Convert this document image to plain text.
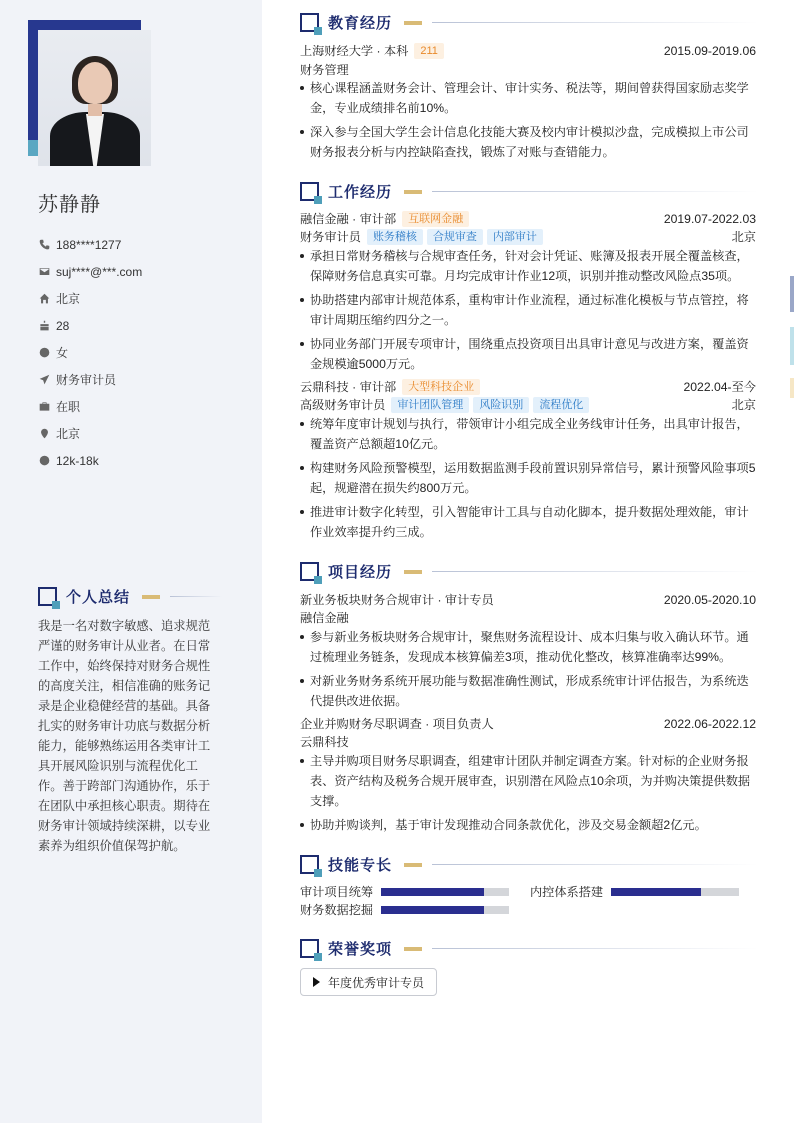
苏静静
188****1277
suj****@***.com
北京
28
女
财务审计员
在职
北京
12k-18k
个人总结
我是一名对数字敏感、追求规范严谨的财务审计从业者。在日常工作中，始终保持对财务合规性的高度关注，相信准确的账务记录是企业稳健经营的基础。具备扎实的财务审计功底与数据分析能力，能够熟练运用各类审计工具开展风险识别与流程优化工作。善于跨部门沟通协作，乐于在团队中承担核心职责。期待在财务审计领域持续深耕，以专业素养为组织价值保驾护航。
教育经历
上海财经大学 · 本科	211	2015.09-2019.06
财务管理
核心课程涵盖财务会计、管理会计、审计实务、税法等，期间曾获得国家励志奖学金，专业成绩排名前10%。
深入参与全国大学生会计信息化技能大赛及校内审计模拟沙盘，完成模拟上市公司财务报表分析与内控缺陷查找，锻炼了对账与查错能力。
工作经历
融信金融 · 审计部	互联网金融	2019.07-2022.03
财务审计员	账务稽核	合规审查	内部审计	北京
承担日常财务稽核与合规审查任务，针对会计凭证、账簿及报表开展全覆盖核查，保障财务信息真实可靠。月均完成审计作业12项，识别并推动整改风险点35项。
协助搭建内部审计规范体系，重构审计作业流程，通过标准化模板与节点管控，将审计周期压缩约四分之一。
协同业务部门开展专项审计，围绕重点投资项目出具审计意见与改进方案，覆盖资金规模逾5000万元。
云鼎科技 · 审计部	大型科技企业	2022.04-至今
高级财务审计员	审计团队管理	风险识别	流程优化	北京
统筹年度审计规划与执行，带领审计小组完成全业务线审计任务，出具审计报告，覆盖资产总额超10亿元。
构建财务风险预警模型，运用数据监测手段前置识别异常信号，累计预警风险事项5起，规避潜在损失约800万元。
推进审计数字化转型，引入智能审计工具与自动化脚本，提升数据处理效能，审计作业效率提升约三成。
项目经历
新业务板块财务合规审计 · 审计专员	2020.05-2020.10
融信金融
参与新业务板块财务合规审计，聚焦财务流程设计、成本归集与收入确认环节。通过梳理业务链条，发现成本核算偏差3项，推动优化整改，核算准确率达99%。
对新业务财务系统开展功能与数据准确性测试，形成系统审计评估报告，为系统迭代提供改进依据。
企业并购财务尽职调查 · 项目负责人	2022.06-2022.12
云鼎科技
主导并购项目财务尽职调查，组建审计团队并制定调查方案。针对标的企业财务报表、资产结构及税务合规开展审查，识别潜在风险点10余项，为并购决策提供数据支撑。
协助并购谈判，基于审计发现推动合同条款优化，涉及交易金额超2亿元。
技能专长
审计项目统筹	内控体系搭建
财务数据挖掘
荣誉奖项
年度优秀审计专员
